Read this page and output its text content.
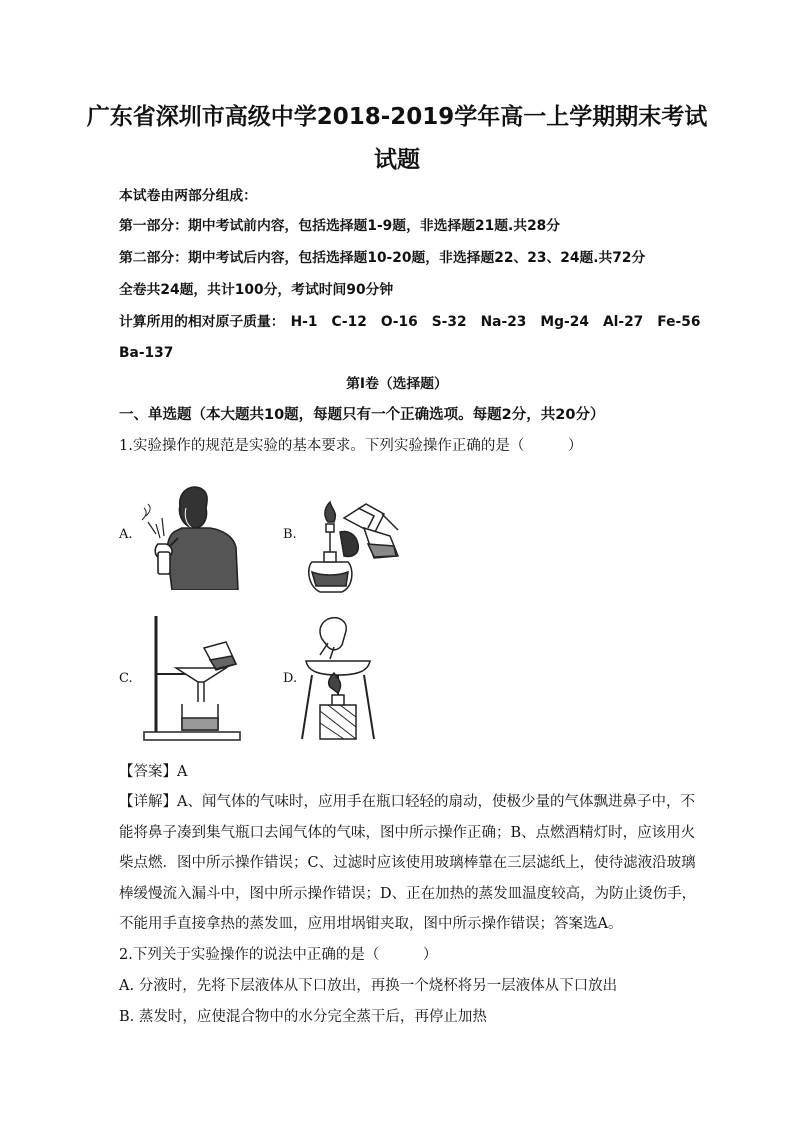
广东省深圳市高级中学2018-2019学年高一上学期期末考试
试题
本试卷由两部分组成：
第一部分：期中考试前内容，包括选择题1-9题，非选择题21题.共28分
第二部分：期中考试后内容，包括选择题10-20题，非选择题22、23、24题.共72分
全卷共24题，共计100分，考试时间90分钟
计算所用的相对原子质量： H-1 C-12 O-16 S-32 Na-23 Mg-24 Al-27 Fe-56
Ba-137
第I卷（选择题）
一、单选题（本大题共10题，每题只有一个正确选项。每题2分，共20分）
1.实验操作的规范是实验的基本要求。下列实验操作正确的是（　　　）
A.	B.
C.	D.
【答案】A
【详解】A、闻气体的气味时，应用手在瓶口轻轻的扇动，使极少量的气体飘进鼻子中，不
能将鼻子凑到集气瓶口去闻气体的气味，图中所示操作正确；B、点燃酒精灯时，应该用火
柴点燃．图中所示操作错误；C、过滤时应该使用玻璃棒靠在三层滤纸上，使待滤液沿玻璃
棒缓慢流入漏斗中，图中所示操作错误；D、正在加热的蒸发皿温度较高，为防止烫伤手，
不能用手直接拿热的蒸发皿，应用坩埚钳夹取，图中所示操作错误；答案选A。
2.下列关于实验操作的说法中正确的是（　　　）
A. 分液时，先将下层液体从下口放出，再换一个烧杯将另一层液体从下口放出
B. 蒸发时，应使混合物中的水分完全蒸干后，再停止加热
